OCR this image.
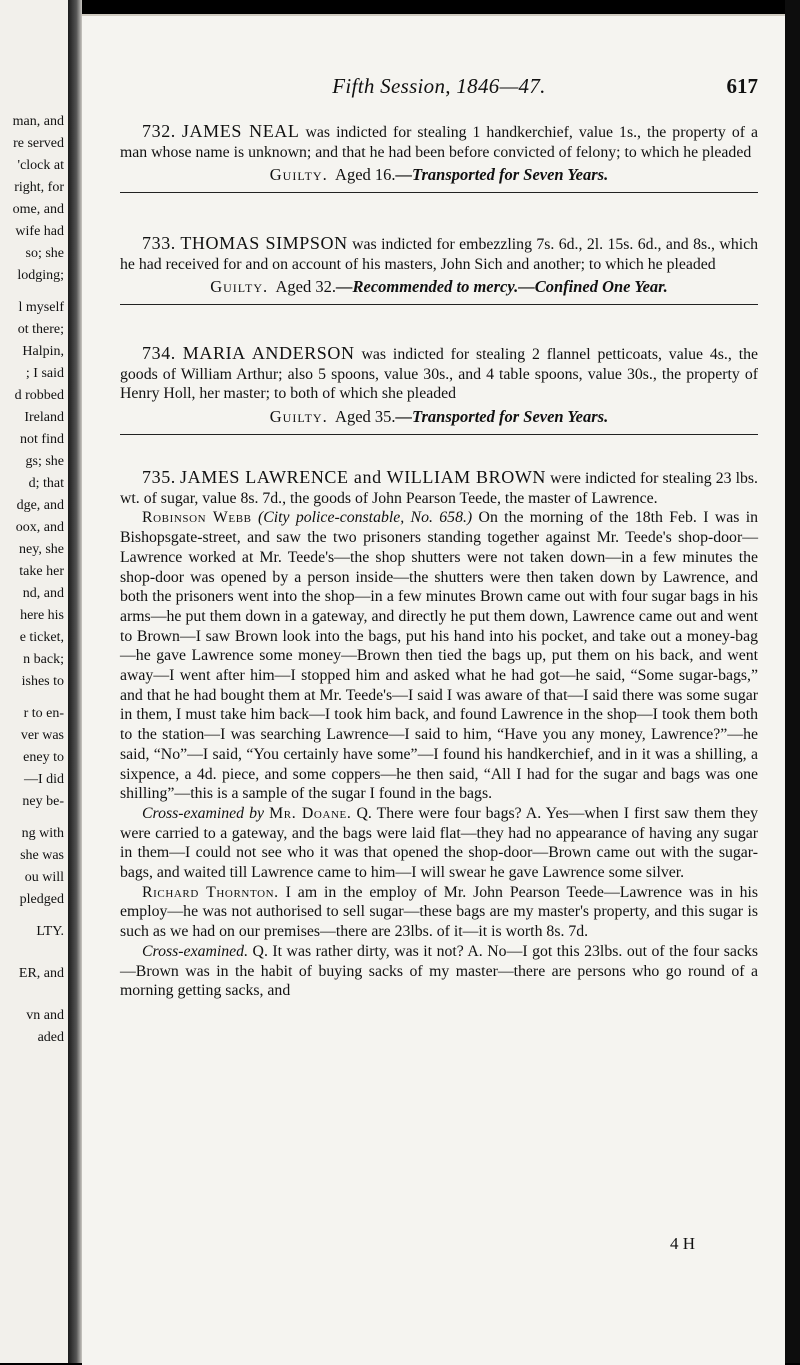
man, and
re served
'clock at
right, for
ome, and
wife had
so; she
lodging;
l myself
ot there;
Halpin,
; I said
d robbed
Ireland
not find
gs; she
d; that
dge, and
oox, and
ney, she
take her
nd, and
here his
e ticket,
n back;
ishes to
r to en-
ver was
eney to
—I did
ney be-
ng with
she was
ou will
pledged
LTY.
ER, and
vn and
aded
Fifth Session, 1846—47.	617

732. JAMES NEAL was indicted for stealing 1 handkerchief, value 1s., the property of a man whose name is unknown; and that he had been before convicted of felony; to which he pleaded

Guilty. Aged 16.—Transported for Seven Years.

733. THOMAS SIMPSON was indicted for embezzling 7s. 6d., 2l. 15s. 6d., and 8s., which he had received for and on account of his masters, John Sich and another; to which he pleaded

Guilty. Aged 32.—Recommended to mercy.—Confined One Year.

734. MARIA ANDERSON was indicted for stealing 2 flannel petticoats, value 4s., the goods of William Arthur; also 5 spoons, value 30s., and 4 table spoons, value 30s., the property of Henry Holl, her master; to both of which she pleaded

Guilty. Aged 35.—Transported for Seven Years.

735. JAMES LAWRENCE and WILLIAM BROWN were indicted for stealing 23 lbs. wt. of sugar, value 8s. 7d., the goods of John Pearson Teede, the master of Lawrence.

Robinson Webb (City police-constable, No. 658.) On the morning of the 18th Feb. I was in Bishopsgate-street, and saw the two prisoners standing together against Mr. Teede's shop-door—Lawrence worked at Mr. Teede's—the shop shutters were not taken down—in a few minutes the shop-door was opened by a person inside—the shutters were then taken down by Lawrence, and both the prisoners went into the shop—in a few minutes Brown came out with four sugar bags in his arms—he put them down in a gateway, and directly he put them down, Lawrence came out and went to Brown—I saw Brown look into the bags, put his hand into his pocket, and take out a money-bag—he gave Lawrence some money—Brown then tied the bags up, put them on his back, and went away—I went after him—I stopped him and asked what he had got—he said, “Some sugar-bags,” and that he had bought them at Mr. Teede's—I said I was aware of that—I said there was some sugar in them, I must take him back—I took him back, and found Lawrence in the shop—I took them both to the station—I was searching Lawrence—I said to him, “Have you any money, Lawrence?”—he said, “No”—I said, “You certainly have some”—I found his handkerchief, and in it was a shilling, a sixpence, a 4d. piece, and some coppers—he then said, “All I had for the sugar and bags was one shilling”—this is a sample of the sugar I found in the bags.

Cross-examined by Mr. Doane. Q. There were four bags? A. Yes—when I first saw them they were carried to a gateway, and the bags were laid flat—they had no appearance of having any sugar in them—I could not see who it was that opened the shop-door—Brown came out with the sugar-bags, and waited till Lawrence came to him—I will swear he gave Lawrence some silver.

Richard Thornton. I am in the employ of Mr. John Pearson Teede—Lawrence was in his employ—he was not authorised to sell sugar—these bags are my master's property, and this sugar is such as we had on our premises—there are 23lbs. of it—it is worth 8s. 7d.

Cross-examined. Q. It was rather dirty, was it not? A. No—I got this 23lbs. out of the four sacks—Brown was in the habit of buying sacks of my master—there are persons who go round of a morning getting sacks, and

4 H
